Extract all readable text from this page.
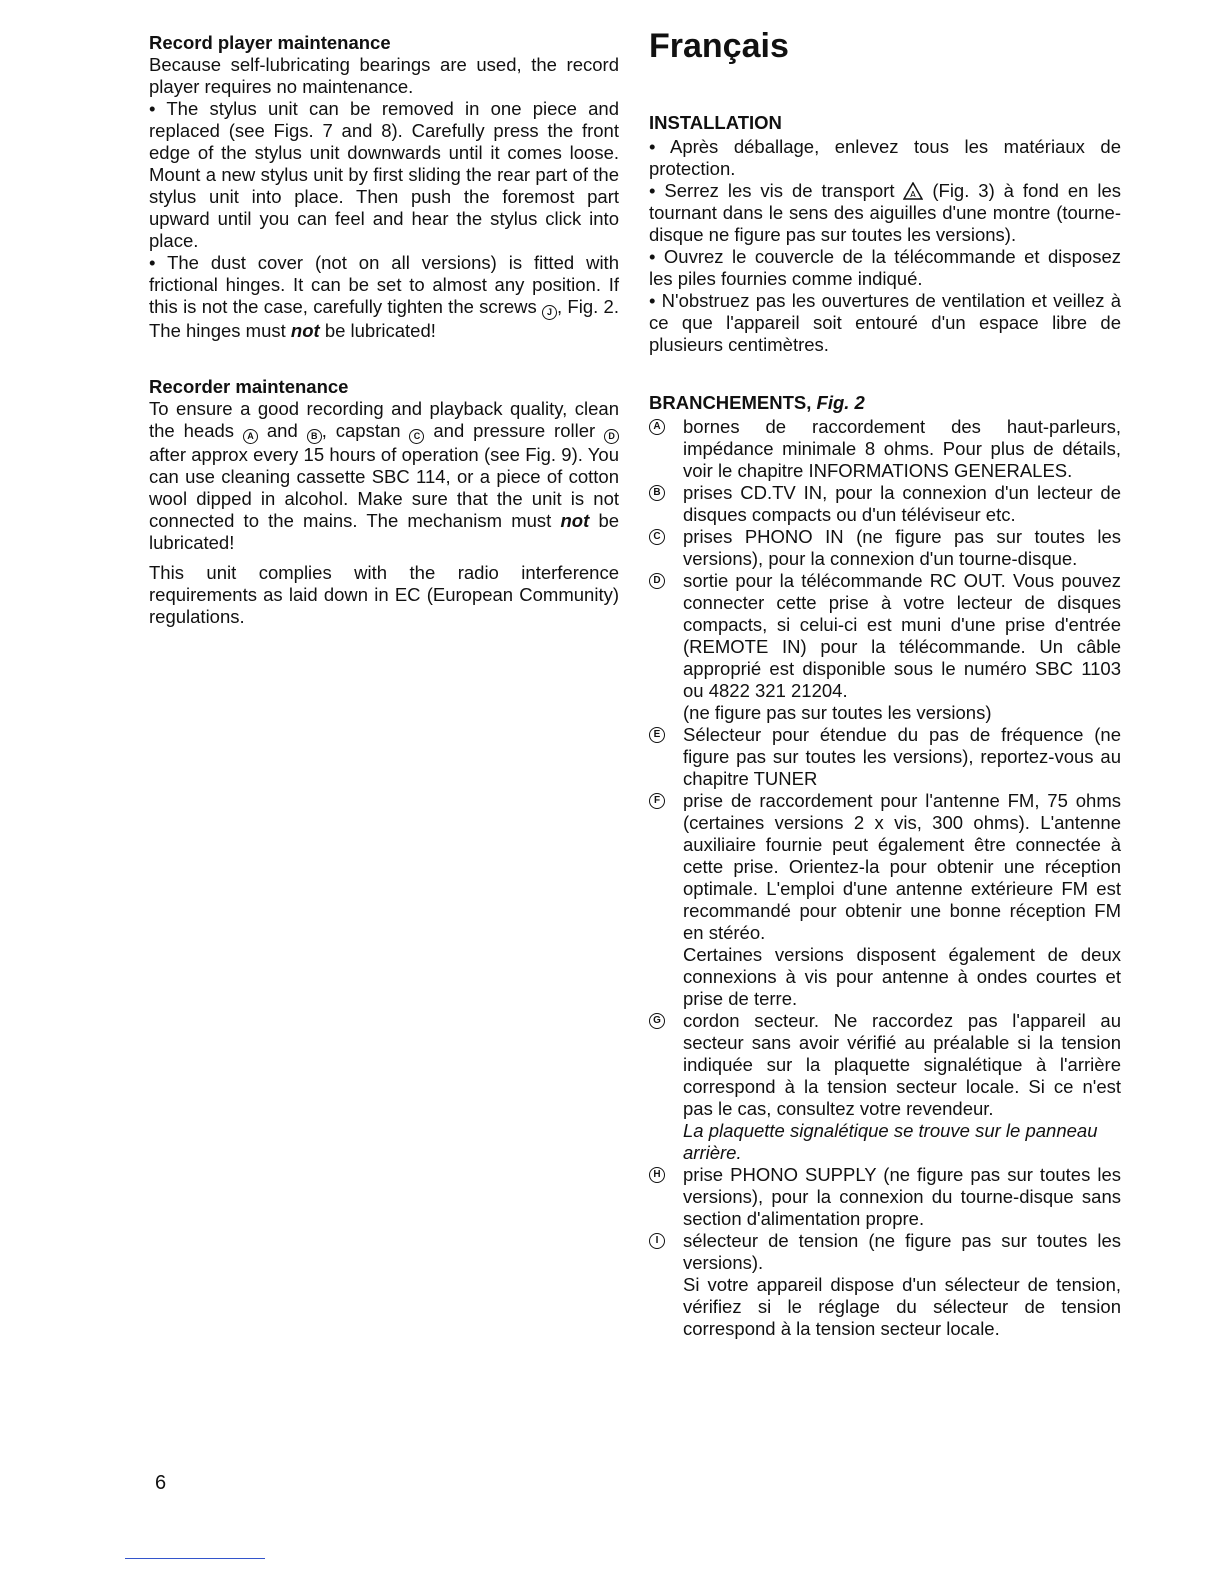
Record player maintenance

Because self-lubricating bearings are used, the record player requires no maintenance.

• The stylus unit can be removed in one piece and replaced (see Figs. 7 and 8). Carefully press the front edge of the stylus unit downwards until it comes loose. Mount a new stylus unit by first sliding the rear part of the stylus unit into place. Then push the foremost part upward until you can feel and hear the stylus click into place.

• The dust cover (not on all versions) is fitted with frictional hinges. It can be set to almost any position. If this is not the case, carefully tighten the screws J , Fig. 2. The hinges must not be lubricated!

Recorder maintenance

To ensure a good recording and playback quality, clean the heads A and B , capstan C and pressure roller D after approx every 15 hours of operation (see Fig. 9). You can use cleaning cassette SBC 114, or a piece of cotton wool dipped in alcohol. Make sure that the unit is not connected to the mains. The mechanism must not be lubricated!

This unit complies with the radio interference requirements as laid down in EC (European Community) regulations.

Français

INSTALLATION

• Après déballage, enlevez tous les matériaux de protection.

• Serrez les vis de transport A (Fig. 3) à fond en les tournant dans le sens des aiguilles d'une montre (tourne-disque ne figure pas sur toutes les versions).

• Ouvrez le couvercle de la télécommande et disposez les piles fournies comme indiqué.

• N'obstruez pas les ouvertures de ventilation et veillez à ce que l'appareil soit entouré d'un espace libre de plusieurs centimètres.

BRANCHEMENTS, Fig. 2

A bornes de raccordement des haut-parleurs, impédance minimale 8 ohms. Pour plus de détails, voir le chapitre INFORMATIONS GENERALES.

B prises CD.TV IN, pour la connexion d'un lecteur de disques compacts ou d'un téléviseur etc.

C prises PHONO IN (ne figure pas sur toutes les versions), pour la connexion d'un tourne-disque.

D sortie pour la télécommande RC OUT. Vous pouvez connecter cette prise à votre lecteur de disques compacts, si celui-ci est muni d'une prise d'entrée (REMOTE IN) pour la télécommande. Un câble approprié est disponible sous le numéro SBC 1103 ou 4822 321 21204.

(ne figure pas sur toutes les versions)

E Sélecteur pour étendue du pas de fréquence (ne figure pas sur toutes les versions), reportez-vous au chapitre TUNER

F prise de raccordement pour l'antenne FM, 75 ohms (certaines versions 2 x vis, 300 ohms). L'antenne auxiliaire fournie peut également être connectée à cette prise. Orientez-la pour obtenir une réception optimale. L'emploi d'une antenne extérieure FM est recommandé pour obtenir une bonne réception FM en stéréo.

Certaines versions disposent également de deux connexions à vis pour antenne à ondes courtes et prise de terre.

G cordon secteur. Ne raccordez pas l'appareil au secteur sans avoir vérifié au préalable si la tension indiquée sur la plaquette signalétique à l'arrière correspond à la tension secteur locale. Si ce n'est pas le cas, consultez votre revendeur.

La plaquette signalétique se trouve sur le panneau arrière.

H prise PHONO SUPPLY (ne figure pas sur toutes les versions), pour la connexion du tourne-disque sans section d'alimentation propre.

I	sélecteur de tension (ne figure pas sur toutes les versions).

Si votre appareil dispose d'un sélecteur de tension, vérifiez si le réglage du sélecteur de tension correspond à la tension secteur locale.

6
